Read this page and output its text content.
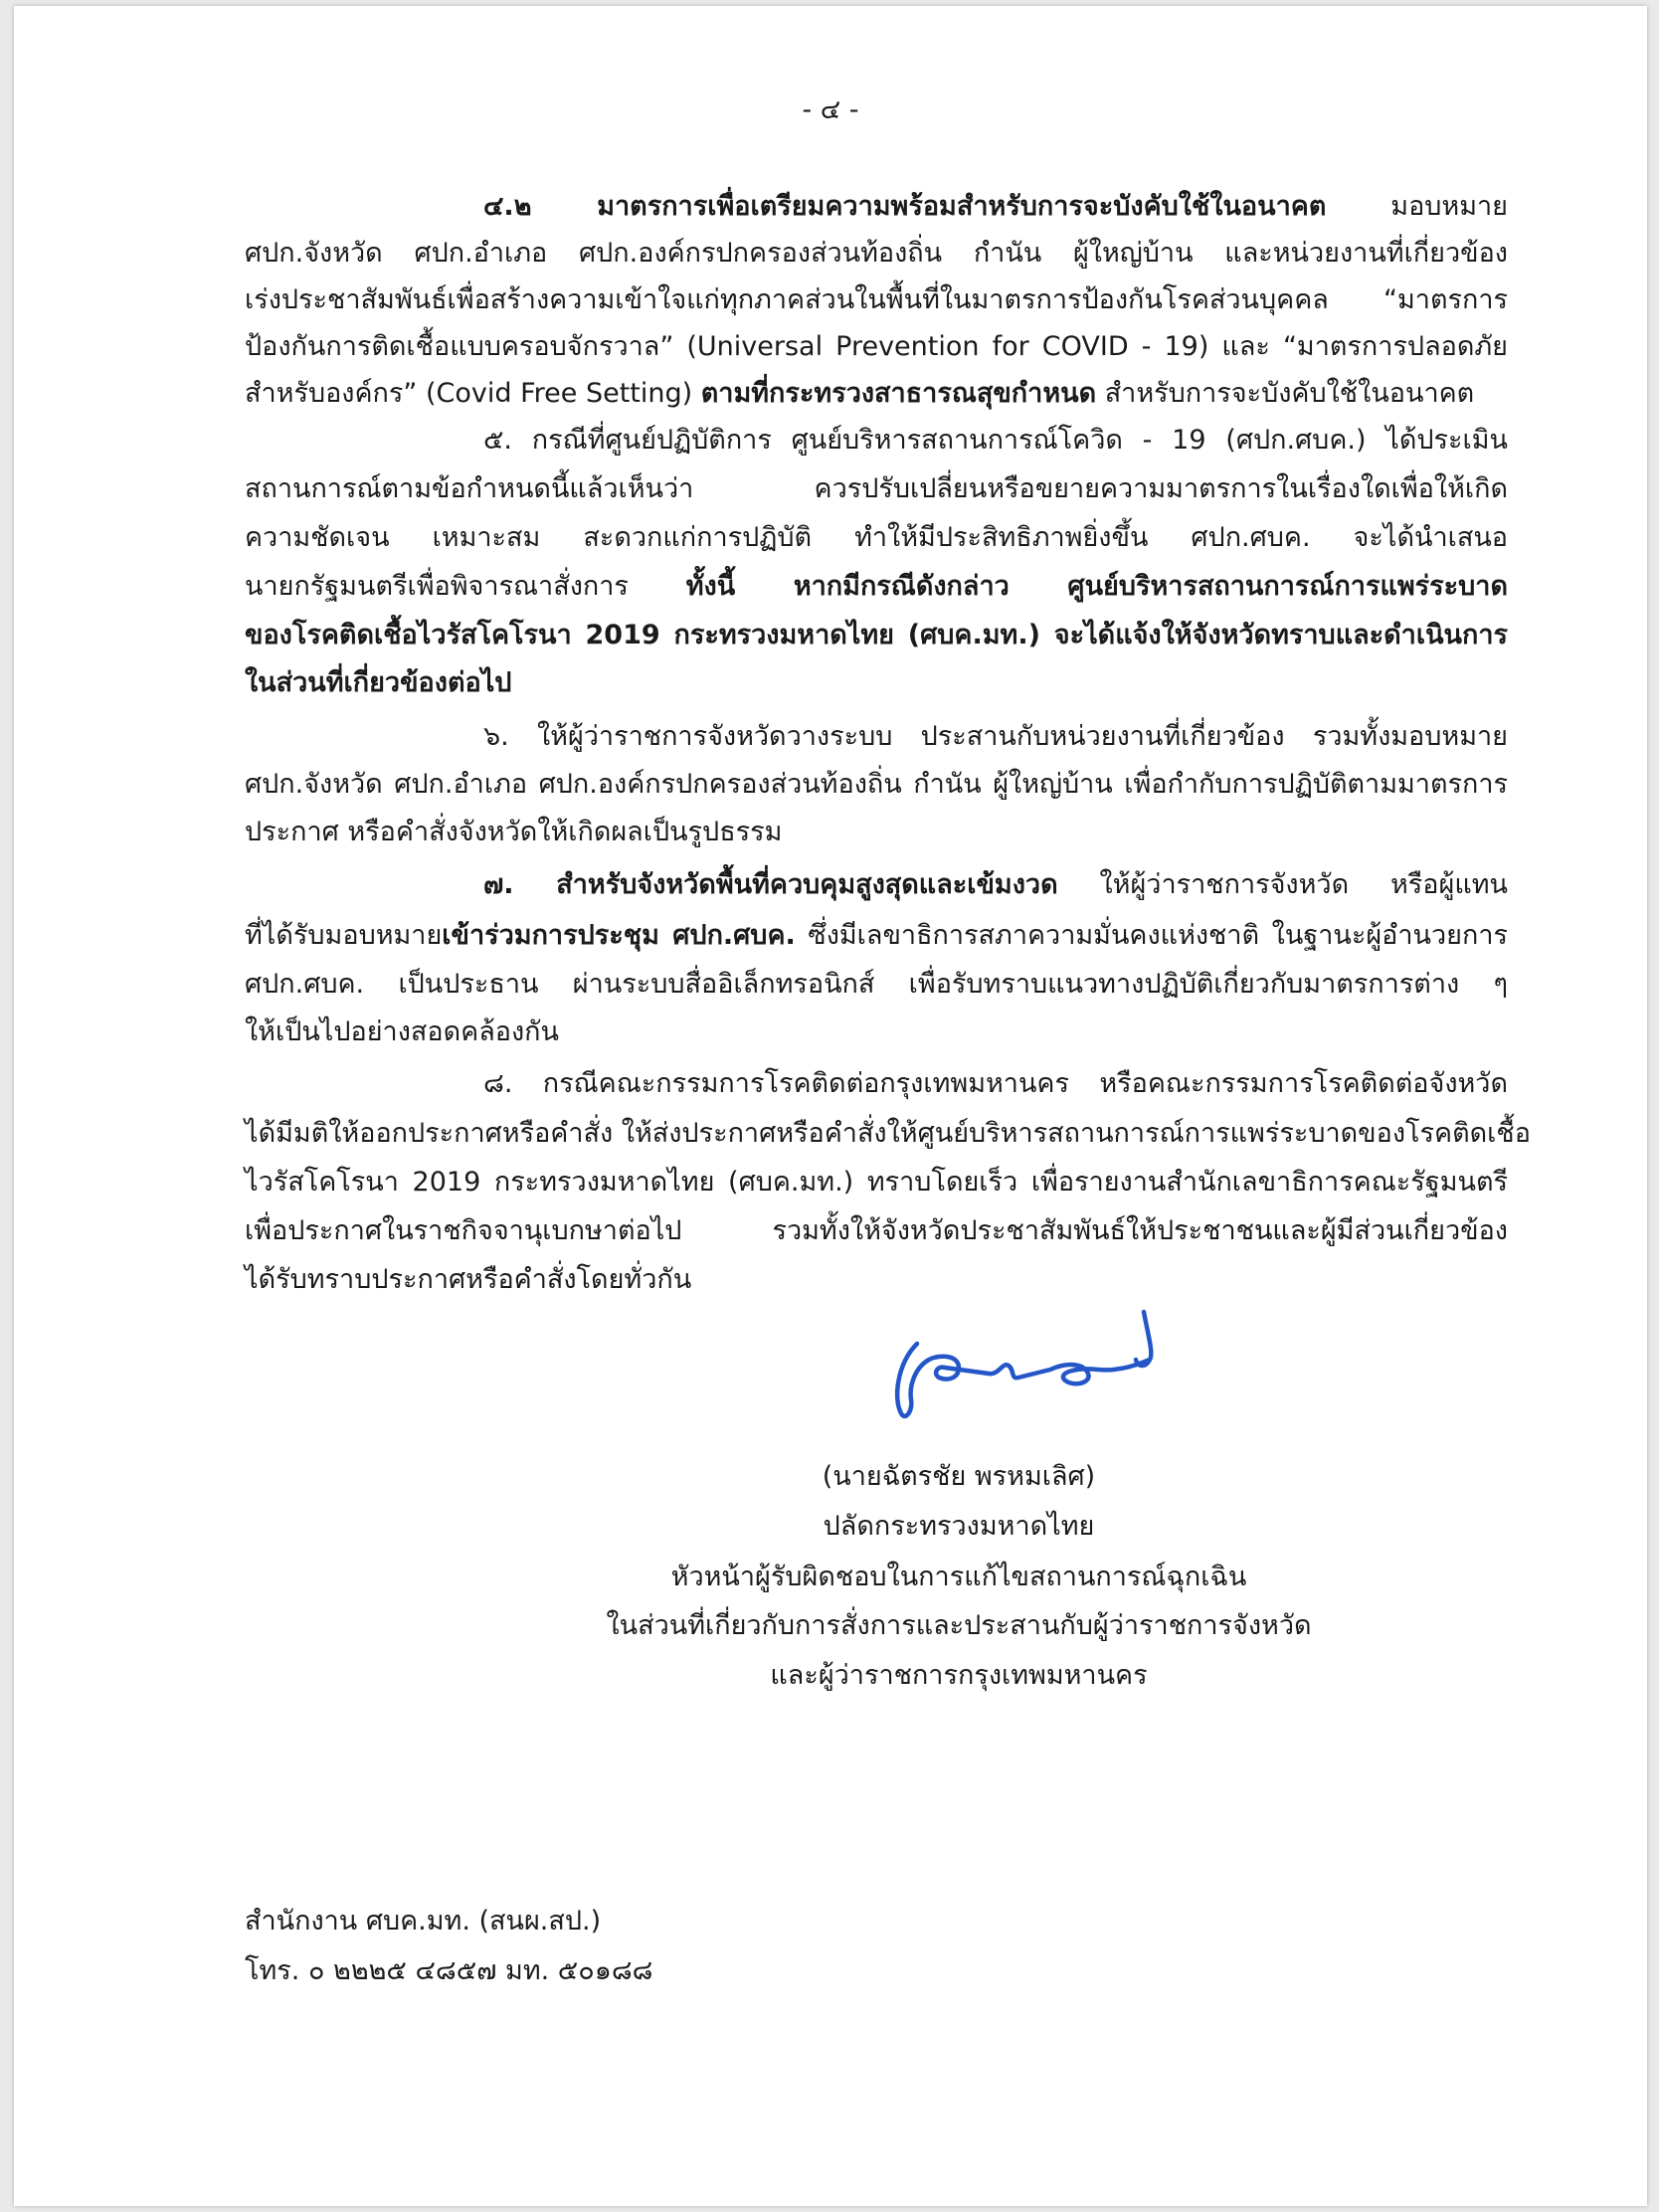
- ๔ -
๔.๒ มาตรการเพื่อเตรียมความพร้อมสำหรับการจะบังคับใช้ในอนาคต มอบหมาย
ศปก.จังหวัด ศปก.อำเภอ ศปก.องค์กรปกครองส่วนท้องถิ่น กำนัน ผู้ใหญ่บ้าน และหน่วยงานที่เกี่ยวข้อง
เร่งประชาสัมพันธ์เพื่อสร้างความเข้าใจแก่ทุกภาคส่วนในพื้นที่ในมาตรการป้องกันโรคส่วนบุคคล “มาตรการ
ป้องกันการติดเชื้อแบบครอบจักรวาล” (Universal Prevention for COVID - 19) และ “มาตรการปลอดภัย
สำหรับองค์กร” (Covid Free Setting) ตามที่กระทรวงสาธารณสุขกำหนด สำหรับการจะบังคับใช้ในอนาคต
๕. กรณีที่ศูนย์ปฏิบัติการ ศูนย์บริหารสถานการณ์โควิด - 19 (ศปก.ศบค.) ได้ประเมิน
สถานการณ์ตามข้อกำหนดนี้แล้วเห็นว่า ควรปรับเปลี่ยนหรือขยายความมาตรการในเรื่องใดเพื่อให้เกิด
ความชัดเจน เหมาะสม สะดวกแก่การปฏิบัติ ทำให้มีประสิทธิภาพยิ่งขึ้น ศปก.ศบค. จะได้นำเสนอ
นายกรัฐมนตรีเพื่อพิจารณาสั่งการ ทั้งนี้ หากมีกรณีดังกล่าว ศูนย์บริหารสถานการณ์การแพร่ระบาด
ของโรคติดเชื้อไวรัสโคโรนา 2019 กระทรวงมหาดไทย (ศบค.มท.) จะได้แจ้งให้จังหวัดทราบและดำเนินการ
ในส่วนที่เกี่ยวข้องต่อไป
๖. ให้ผู้ว่าราชการจังหวัดวางระบบ ประสานกับหน่วยงานที่เกี่ยวข้อง รวมทั้งมอบหมาย
ศปก.จังหวัด ศปก.อำเภอ ศปก.องค์กรปกครองส่วนท้องถิ่น กำนัน ผู้ใหญ่บ้าน เพื่อกำกับการปฏิบัติตามมาตรการ
ประกาศ หรือคำสั่งจังหวัดให้เกิดผลเป็นรูปธรรม
๗. สำหรับจังหวัดพื้นที่ควบคุมสูงสุดและเข้มงวด ให้ผู้ว่าราชการจังหวัด หรือผู้แทน
ที่ได้รับมอบหมายเข้าร่วมการประชุม ศปก.ศบค. ซึ่งมีเลขาธิการสภาความมั่นคงแห่งชาติ ในฐานะผู้อำนวยการ
ศปก.ศบค. เป็นประธาน ผ่านระบบสื่ออิเล็กทรอนิกส์ เพื่อรับทราบแนวทางปฏิบัติเกี่ยวกับมาตรการต่าง ๆ
ให้เป็นไปอย่างสอดคล้องกัน
๘. กรณีคณะกรรมการโรคติดต่อกรุงเทพมหานคร หรือคณะกรรมการโรคติดต่อจังหวัด
ได้มีมติให้ออกประกาศหรือคำสั่ง ให้ส่งประกาศหรือคำสั่งให้ศูนย์บริหารสถานการณ์การแพร่ระบาดของโรคติดเชื้อ
ไวรัสโคโรนา 2019 กระทรวงมหาดไทย (ศบค.มท.) ทราบโดยเร็ว เพื่อรายงานสำนักเลขาธิการคณะรัฐมนตรี
เพื่อประกาศในราชกิจจานุเบกษาต่อไป รวมทั้งให้จังหวัดประชาสัมพันธ์ให้ประชาชนและผู้มีส่วนเกี่ยวข้อง
ได้รับทราบประกาศหรือคำสั่งโดยทั่วกัน
(นายฉัตรชัย พรหมเลิศ)
ปลัดกระทรวงมหาดไทย
หัวหน้าผู้รับผิดชอบในการแก้ไขสถานการณ์ฉุกเฉิน
ในส่วนที่เกี่ยวกับการสั่งการและประสานกับผู้ว่าราชการจังหวัด
และผู้ว่าราชการกรุงเทพมหานคร
สำนักงาน ศบค.มท. (สนผ.สป.)
โทร. ๐ ๒๒๒๕ ๔๘๕๗ มท. ๕๐๑๘๘
